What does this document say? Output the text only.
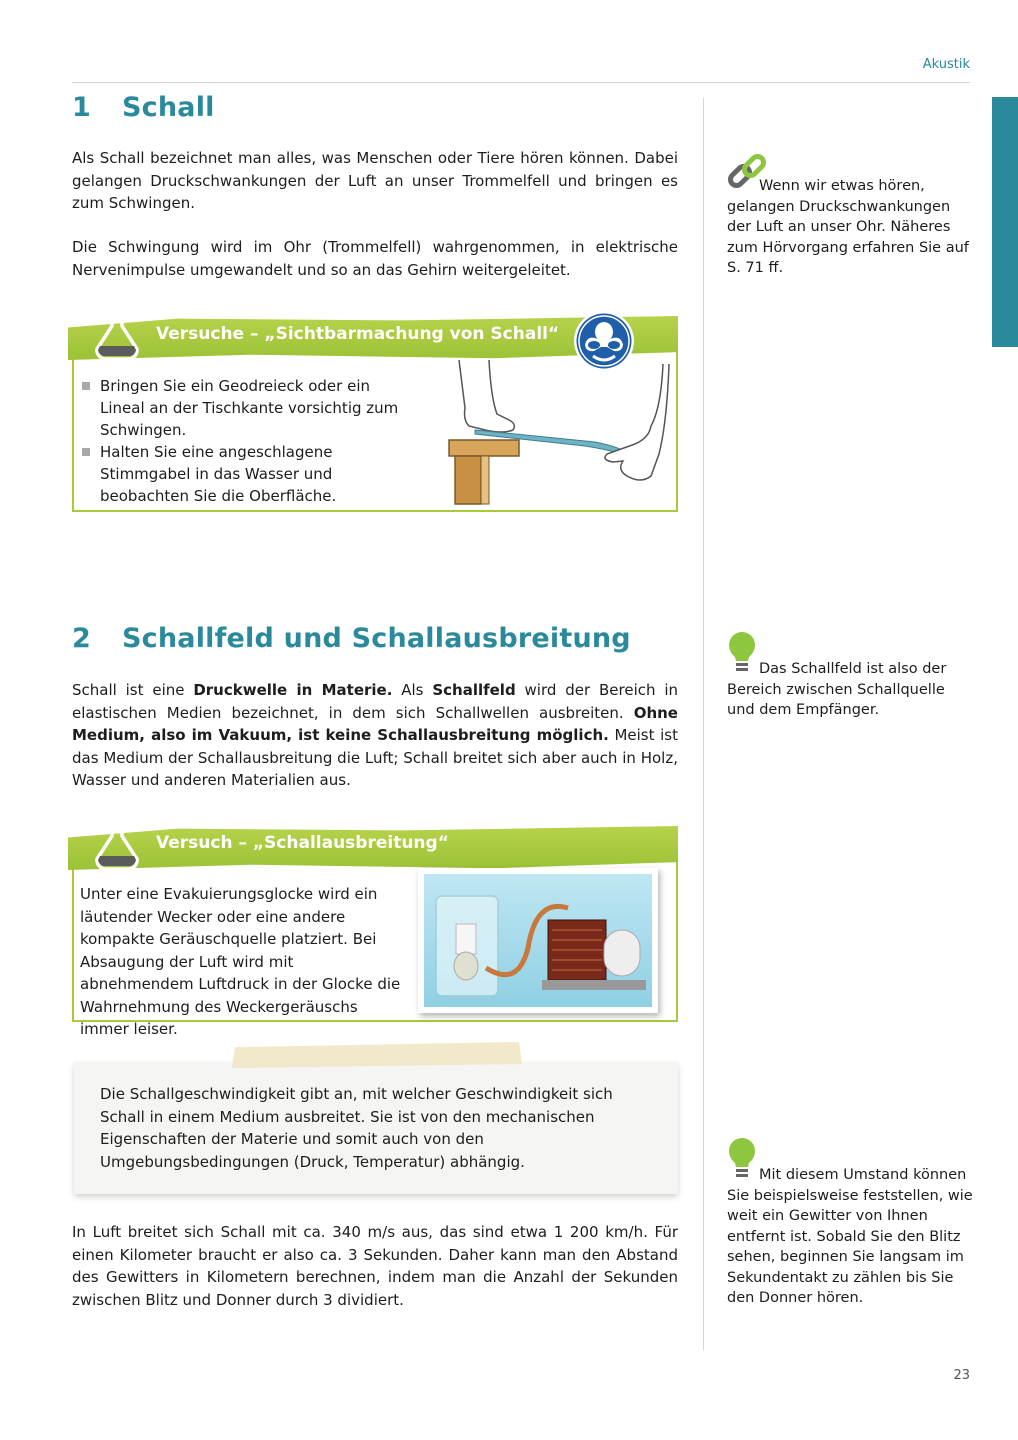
Akustik
1 Schall

Als Schall bezeichnet man alles, was Menschen oder Tiere hören können. Dabei gelangen Druckschwankungen der Luft an unser Trommelfell und bringen es zum Schwingen.

Die Schwingung wird im Ohr (Trommelfell) wahrgenommen, in elektrische Nervenimpulse umgewandelt und so an das Gehirn weitergeleitet.

Versuche – „Sichtbarmachung von Schall“
Bringen Sie ein Geodreieck oder ein Lineal an der Tischkante vorsichtig zum Schwingen.
Halten Sie eine angeschlagene Stimmgabel in das Wasser und beobachten Sie die Oberfläche.

Wenn wir etwas hören, gelangen Druckschwankungen der Luft an unser Ohr. Näheres zum Hörvorgang erfahren Sie auf S. 71 ff.

2 Schallfeld und Schallausbreitung

Schall ist eine Druckwelle in Materie. Als Schallfeld wird der Bereich in elastischen Medien bezeichnet, in dem sich Schallwellen ausbreiten. Ohne Medium, also im Vakuum, ist keine Schallausbreitung möglich. Meist ist das Medium der Schallausbreitung die Luft; Schall breitet sich aber auch in Holz, Wasser und anderen Materialien aus.

Versuch – „Schallausbreitung“

Unter eine Evakuierungsglocke wird ein läutender Wecker oder eine andere kompakte Geräuschquelle platziert. Bei Absaugung der Luft wird mit abnehmendem Luftdruck in der Glocke die Wahrnehmung des Weckergeräuschs immer leiser.

Das Schallfeld ist also der Bereich zwischen Schallquelle und dem Empfänger.

Die Schallgeschwindigkeit gibt an, mit welcher Geschwindigkeit sich Schall in einem Medium ausbreitet. Sie ist von den mechanischen Eigenschaften der Materie und somit auch von den Umgebungsbedingungen (Druck, Temperatur) abhängig.

In Luft breitet sich Schall mit ca. 340 m/s aus, das sind etwa 1 200 km/h. Für einen Kilometer braucht er also ca. 3 Sekunden. Daher kann man den Abstand des Gewitters in Kilometern berechnen, indem man die Anzahl der Sekunden zwischen Blitz und Donner durch 3 dividiert.

Mit diesem Umstand können Sie beispielsweise feststellen, wie weit ein Gewitter von Ihnen entfernt ist. Sobald Sie den Blitz sehen, beginnen Sie langsam im Sekundentakt zu zählen bis Sie den Donner hören.

23
